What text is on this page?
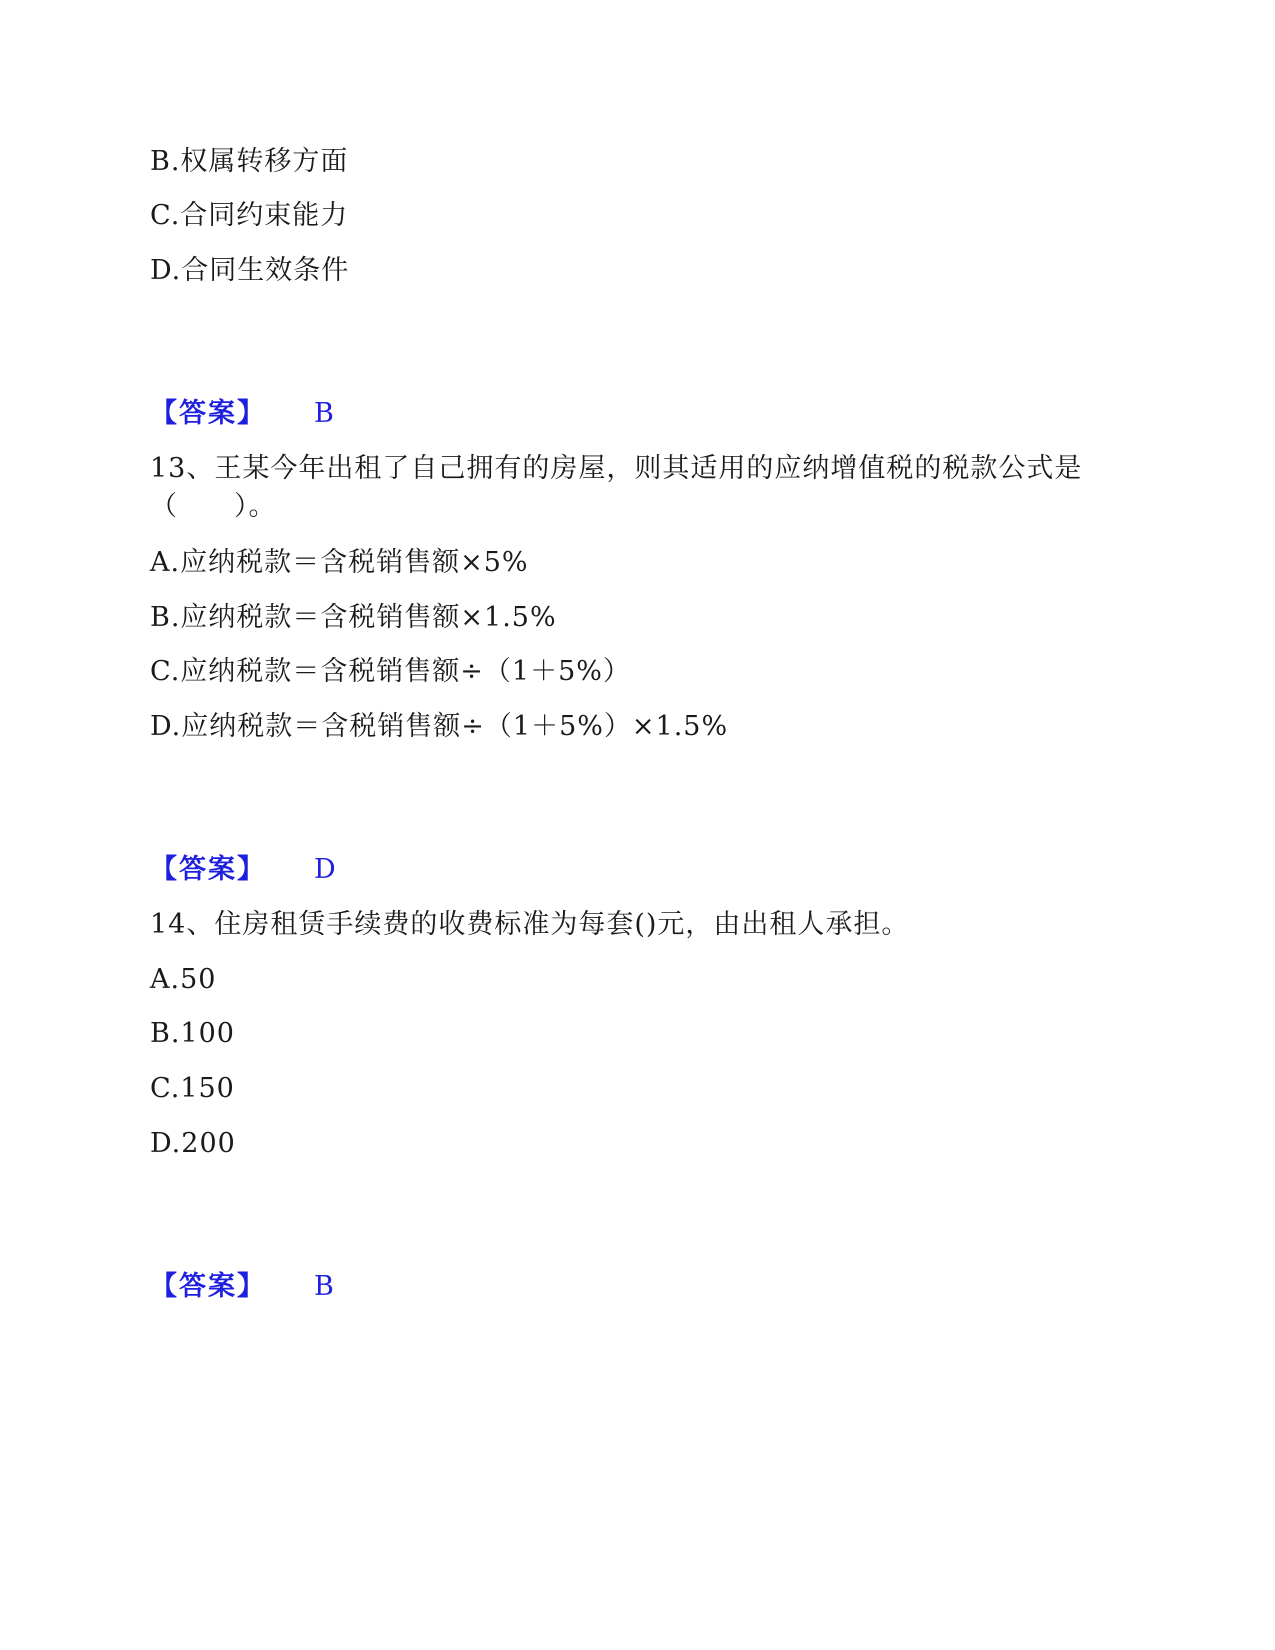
B.权属转移方面
C.合同约束能力
D.合同生效条件
【答案】 B
13、王某今年出租了自己拥有的房屋，则其适用的应纳增值税的税款公式是
（　　）。
A.应纳税款＝含税销售额×5%
B.应纳税款＝含税销售额×1.5%
C.应纳税款＝含税销售额÷（1＋5%）
D.应纳税款＝含税销售额÷（1＋5%）×1.5%
【答案】 D
14、住房租赁手续费的收费标准为每套()元，由出租人承担。
A.50
B.100
C.150
D.200
【答案】 B
